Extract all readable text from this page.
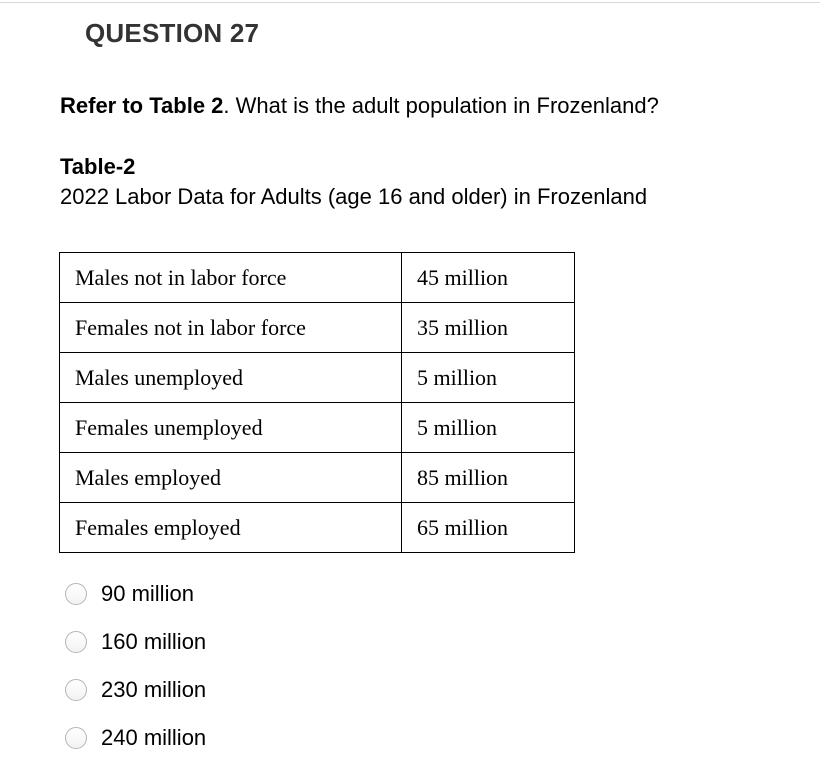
QUESTION 27
Refer to Table 2. What is the adult population in Frozenland?
Table-2
2022 Labor Data for Adults (age 16 and older) in Frozenland
Males not in labor force	45 million
Females not in labor force	35 million
Males unemployed	5 million
Females unemployed	5 million
Males employed	85 million
Females employed	65 million
90 million
160 million
230 million
240 million
